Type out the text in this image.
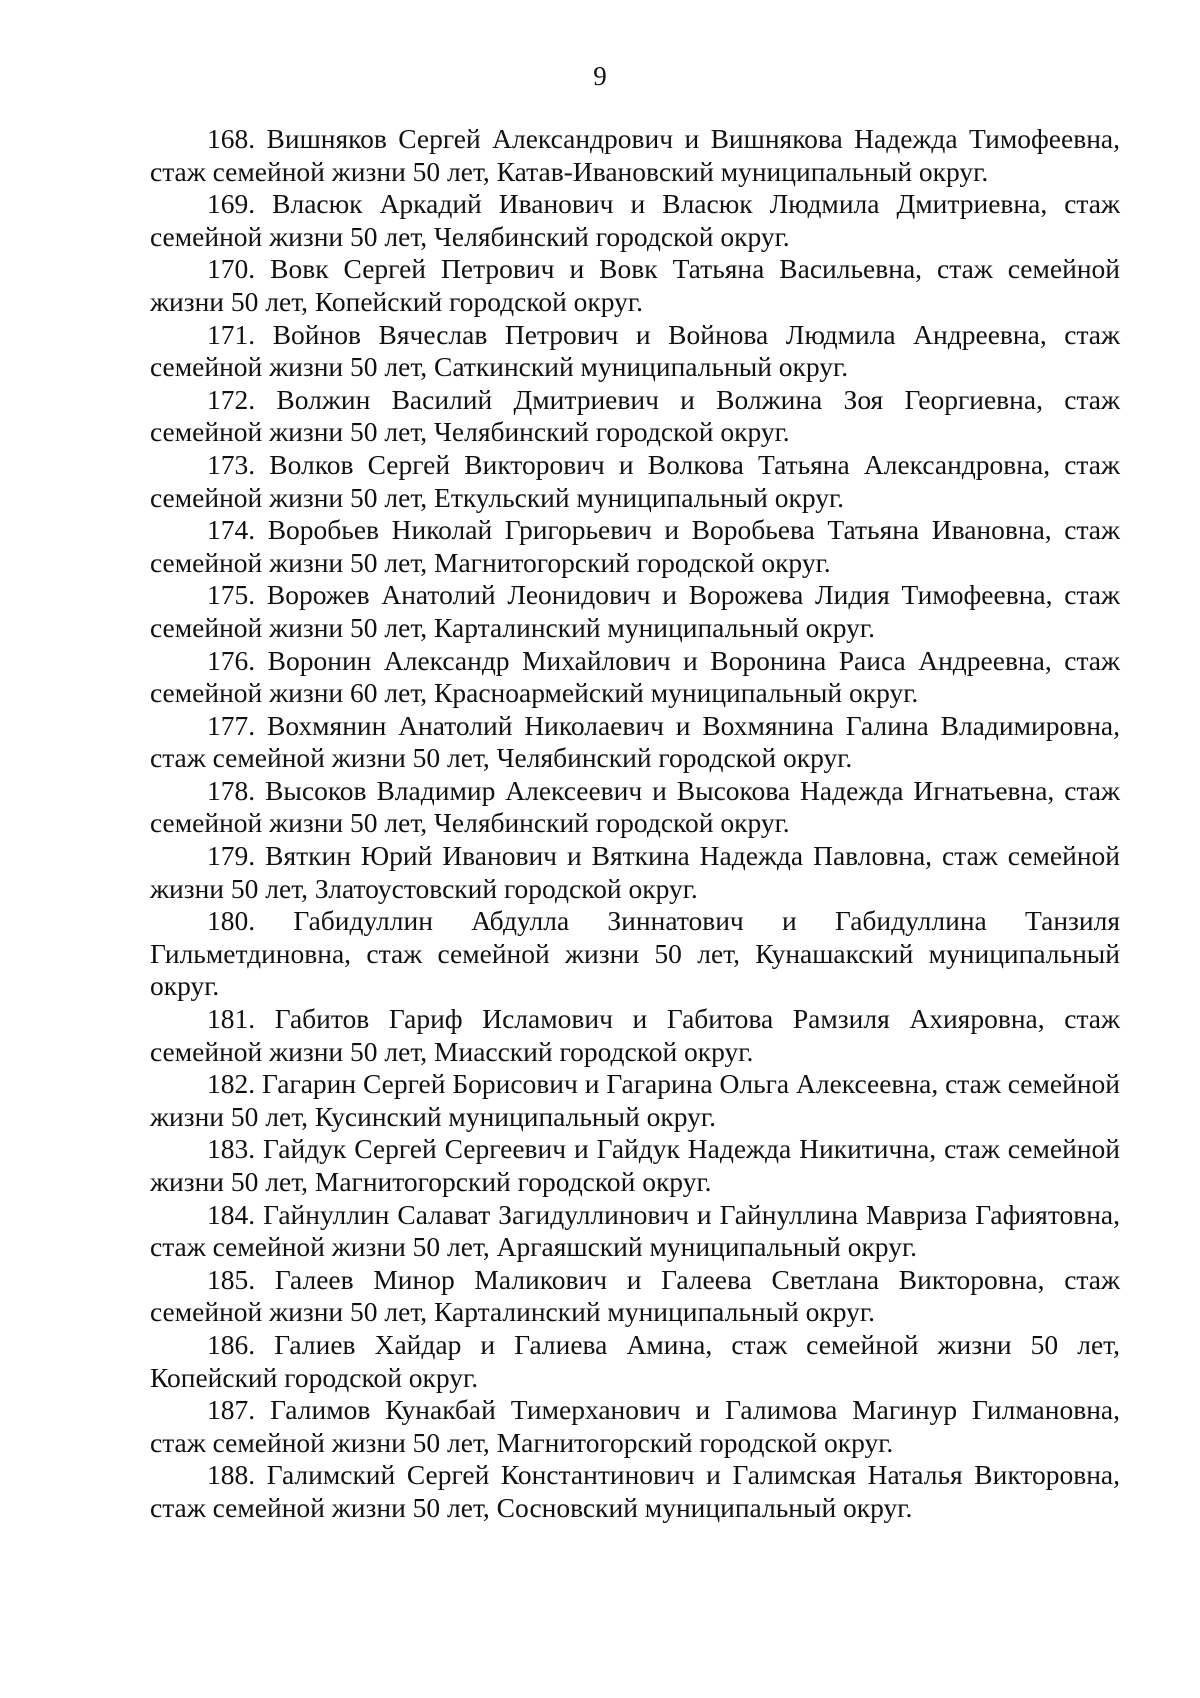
9
168. Вишняков Сергей Александрович и Вишнякова Надежда Тимофеевна, стаж семейной жизни 50 лет, Катав-Ивановский муниципальный округ.
169. Власюк Аркадий Иванович и Власюк Людмила Дмитриевна, стаж семейной жизни 50 лет, Челябинский городской округ.
170. Вовк Сергей Петрович и Вовк Татьяна Васильевна, стаж семейной жизни 50 лет, Копейский городской округ.
171. Войнов Вячеслав Петрович и Войнова Людмила Андреевна, стаж семейной жизни 50 лет, Саткинский муниципальный округ.
172. Волжин Василий Дмитриевич и Волжина Зоя Георгиевна, стаж семейной жизни 50 лет, Челябинский городской округ.
173. Волков Сергей Викторович и Волкова Татьяна Александровна, стаж семейной жизни 50 лет, Еткульский муниципальный округ.
174. Воробьев Николай Григорьевич и Воробьева Татьяна Ивановна, стаж семейной жизни 50 лет, Магнитогорский городской округ.
175. Ворожев Анатолий Леонидович и Ворожева Лидия Тимофеевна, стаж семейной жизни 50 лет, Карталинский муниципальный округ.
176. Воронин Александр Михайлович и Воронина Раиса Андреевна, стаж семейной жизни 60 лет, Красноармейский муниципальный округ.
177. Вохмянин Анатолий Николаевич и Вохмянина Галина Владимировна, стаж семейной жизни 50 лет, Челябинский городской округ.
178. Высоков Владимир Алексеевич и Высокова Надежда Игнатьевна, стаж семейной жизни 50 лет, Челябинский городской округ.
179. Вяткин Юрий Иванович и Вяткина Надежда Павловна, стаж семейной жизни 50 лет, Златоустовский городской округ.
180. Габидуллин Абдулла Зиннатович и Габидуллина Танзиля Гильметдиновна, стаж семейной жизни 50 лет, Кунашакский муниципальный округ.
181. Габитов Гариф Исламович и Габитова Рамзиля Ахияровна, стаж семейной жизни 50 лет, Миасский городской округ.
182. Гагарин Сергей Борисович и Гагарина Ольга Алексеевна, стаж семейной жизни 50 лет, Кусинский муниципальный округ.
183. Гайдук Сергей Сергеевич и Гайдук Надежда Никитична, стаж семейной жизни 50 лет, Магнитогорский городской округ.
184. Гайнуллин Салават Загидуллинович и Гайнуллина Мавриза Гафиятовна, стаж семейной жизни 50 лет, Аргаяшский муниципальный округ.
185. Галеев Минор Маликович и Галеева Светлана Викторовна, стаж семейной жизни 50 лет, Карталинский муниципальный округ.
186. Галиев Хайдар и Галиева Амина, стаж семейной жизни 50 лет, Копейский городской округ.
187. Галимов Кунакбай Тимерханович и Галимова Магинур Гилмановна, стаж семейной жизни 50 лет, Магнитогорский городской округ.
188. Галимский Сергей Константинович и Галимская Наталья Викторовна, стаж семейной жизни 50 лет, Сосновский муниципальный округ.
